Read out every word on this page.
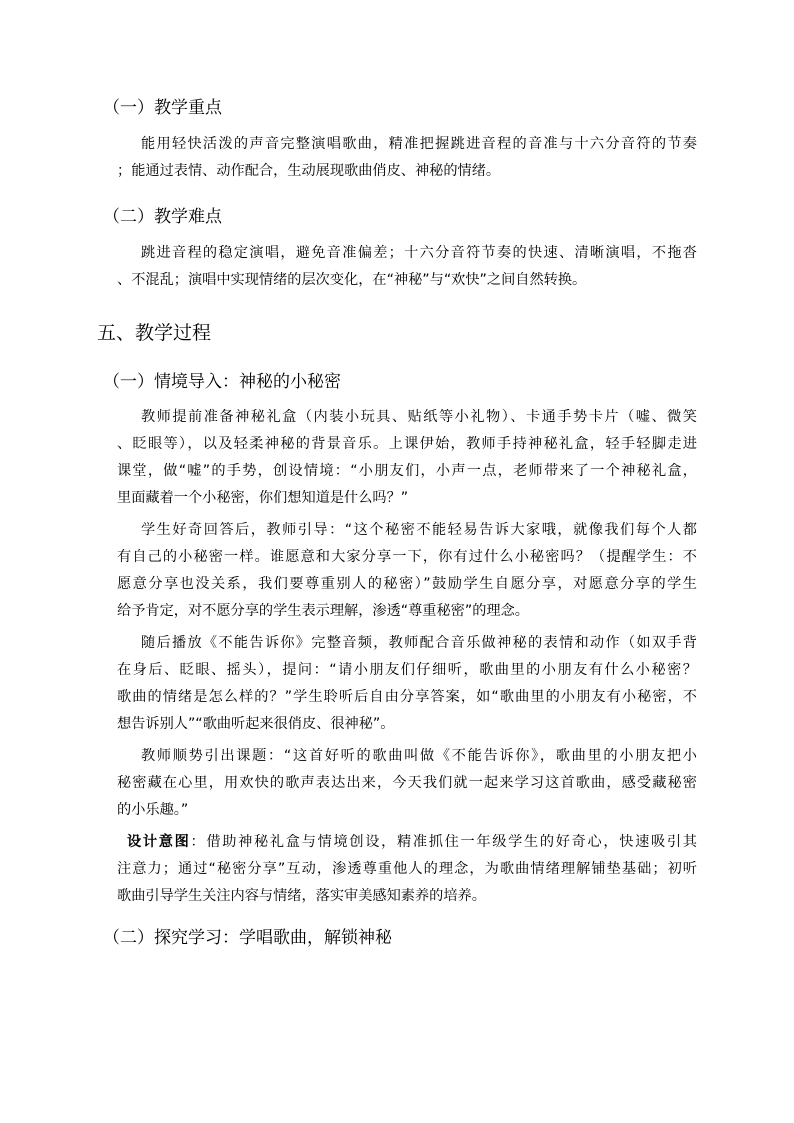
（一）教学重点
能用轻快活泼的声音完整演唱歌曲，精准把握跳进音程的音准与十六分音符的节奏
；能通过表情、动作配合，生动展现歌曲俏皮、神秘的情绪。
（二）教学难点
跳进音程的稳定演唱，避免音准偏差；十六分音符节奏的快速、清晰演唱，不拖沓
、不混乱；演唱中实现情绪的层次变化，在“神秘”与“欢快”之间自然转换。
五、教学过程
（一）情境导入：神秘的小秘密
教师提前准备神秘礼盒（内装小玩具、贴纸等小礼物）、卡通手势卡片（嘘、微笑
、眨眼等），以及轻柔神秘的背景音乐。上课伊始，教师手持神秘礼盒，轻手轻脚走进
课堂，做“嘘”的手势，创设情境：“小朋友们，小声一点，老师带来了一个神秘礼盒，
里面藏着一个小秘密，你们想知道是什么吗？”
学生好奇回答后，教师引导：“这个秘密不能轻易告诉大家哦，就像我们每个人都
有自己的小秘密一样。谁愿意和大家分享一下，你有过什么小秘密吗？（提醒学生：不
愿意分享也没关系，我们要尊重别人的秘密）”鼓励学生自愿分享，对愿意分享的学生
给予肯定，对不愿分享的学生表示理解，渗透“尊重秘密”的理念。
随后播放《不能告诉你》完整音频，教师配合音乐做神秘的表情和动作（如双手背
在身后、眨眼、摇头），提问：“请小朋友们仔细听，歌曲里的小朋友有什么小秘密？
歌曲的情绪是怎么样的？”学生聆听后自由分享答案，如“歌曲里的小朋友有小秘密，不
想告诉别人”“歌曲听起来很俏皮、很神秘”。
教师顺势引出课题：“这首好听的歌曲叫做《不能告诉你》，歌曲里的小朋友把小
秘密藏在心里，用欢快的歌声表达出来，今天我们就一起来学习这首歌曲，感受藏秘密
的小乐趣。”
设计意图：借助神秘礼盒与情境创设，精准抓住一年级学生的好奇心，快速吸引其
注意力；通过“秘密分享”互动，渗透尊重他人的理念，为歌曲情绪理解铺垫基础；初听
歌曲引导学生关注内容与情绪，落实审美感知素养的培养。
（二）探究学习：学唱歌曲，解锁神秘
